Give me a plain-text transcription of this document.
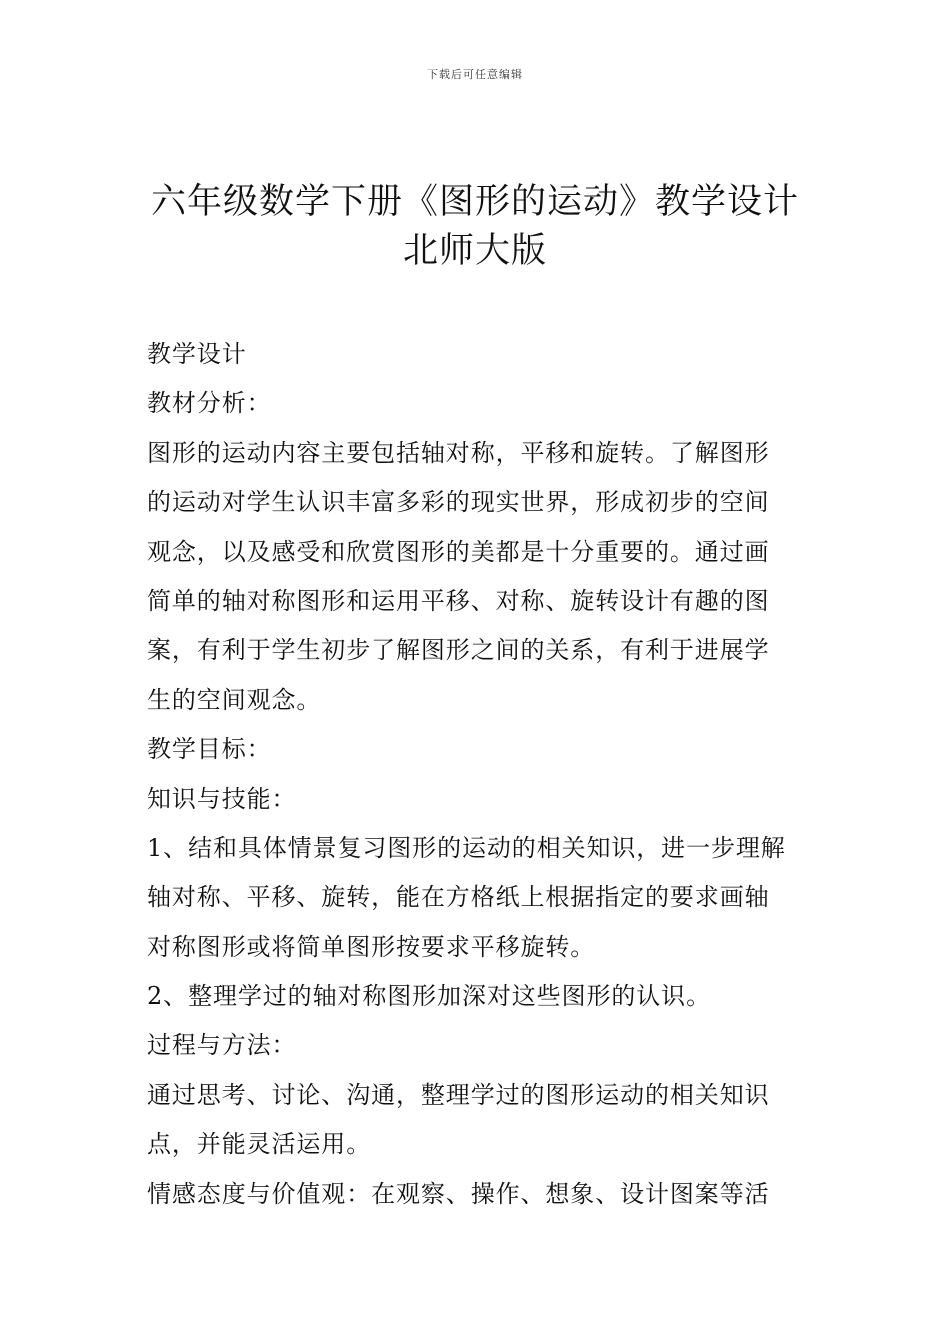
下载后可任意编辑
六年级数学下册《图形的运动》教学设计
北师大版
教学设计
教材分析：
图形的运动内容主要包括轴对称，平移和旋转。了解图形
的运动对学生认识丰富多彩的现实世界，形成初步的空间
观念，以及感受和欣赏图形的美都是十分重要的。通过画
简单的轴对称图形和运用平移、对称、旋转设计有趣的图
案，有利于学生初步了解图形之间的关系，有利于进展学
生的空间观念。
教学目标：
知识与技能：
1、结和具体情景复习图形的运动的相关知识，进一步理解
轴对称、平移、旋转，能在方格纸上根据指定的要求画轴
对称图形或将简单图形按要求平移旋转。
2、整理学过的轴对称图形加深对这些图形的认识。
过程与方法：
通过思考、讨论、沟通，整理学过的图形运动的相关知识
点，并能灵活运用。
情感态度与价值观：在观察、操作、想象、设计图案等活
